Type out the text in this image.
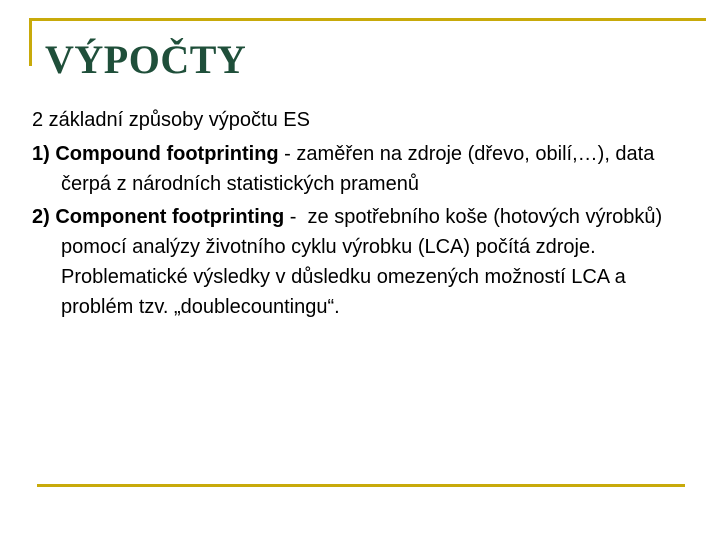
VÝPOČTY

2 základní způsoby výpočtu ES

1) Compound footprinting - zaměřen na zdroje (dřevo, obilí,…), data čerpá z národních statistických pramenů

2) Component footprinting -  ze spotřebního koše (hotových výrobků) pomocí analýzy životního cyklu výrobku (LCA) počítá zdroje. Problematické výsledky v důsledku omezených možností LCA a problém tzv. „doublecountingu“.
